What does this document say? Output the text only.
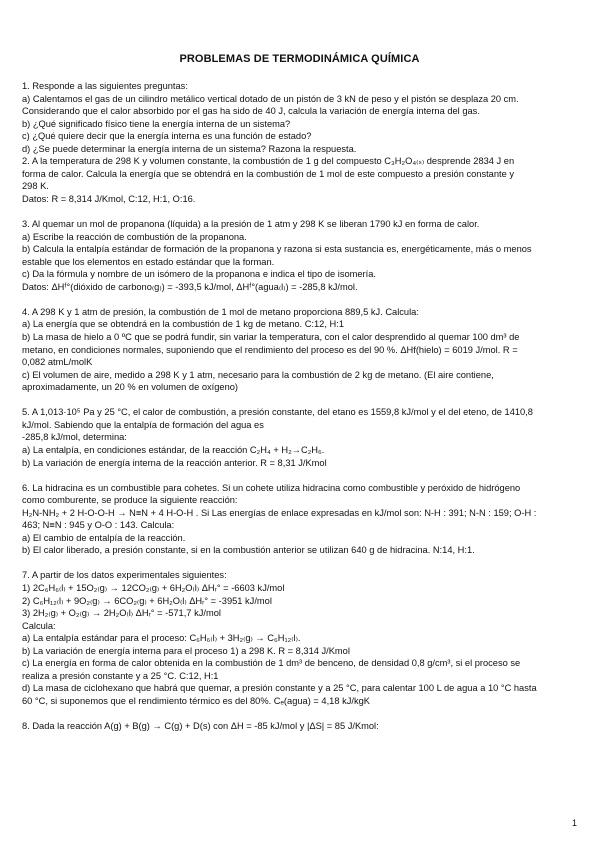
PROBLEMAS DE TERMODINÁMICA QUÍMICA
1. Responde a las siguientes preguntas:
a) Calentamos el gas de un cilindro metálico vertical dotado de un pistón de 3 kN de peso y el pistón se desplaza 20 cm.
Considerando que el calor absorbido por el gas ha sido de 40 J, calcula la variación de energía interna del gas.
b) ¿Qué significado físico tiene la energía interna de un sistema?
c) ¿Qué quiere decir que la energía interna es una función de estado?
d) ¿Se puede determinar la energía interna de un sistema? Razona la respuesta.
2. A la temperatura de 298 K y volumen constante, la combustión de 1 g del compuesto C₃H₂O₄₍ₛ₎ desprende 2834 J en
forma de calor. Calcula la energía que se obtendrá en la combustión de 1 mol de este compuesto a presión constante y
298 K.
Datos: R = 8,314 J/Kmol, C:12, H:1, O:16.
3. Al quemar un mol de propanona (líquida) a la presión de 1 atm y 298 K se liberan 1790 kJ en forma de calor.
a) Escribe la reacción de combustión de la propanona.
b) Calcula la entalpía estándar de formación de la propanona y razona si esta sustancia es, energéticamente, más o menos
estable que los elementos en estado estándar que la forman.
c) Da la fórmula y nombre de un isómero de la propanona e indica el tipo de isomería.
Datos: ΔHᶠ°(dióxido de carbono₍g₎) = -393,5 kJ/mol, ΔHᶠ°(agua₍l₎) = -285,8 kJ/mol.
4. A 298 K y 1 atm de presión, la combustión de 1 mol de metano proporciona 889,5 kJ. Calcula:
a) La energía que se obtendrá en la combustión de 1 kg de metano. C:12, H:1
b) La masa de hielo a 0 ºC que se podrá fundir, sin variar la temperatura, con el calor desprendido al quemar 100 dm³ de
metano, en condiciones normales, suponiendo que el rendimiento del proceso es del 90 %. ΔHf(hielo) = 6019 J/mol. R =
0,082 atmL/molK
c) El volumen de aire, medido a 298 K y 1 atm, necesario para la combustión de 2 kg de metano. (El aire contiene,
aproximadamente, un 20 % en volumen de oxígeno)
5. A 1,013·10⁵ Pa y 25 °C, el calor de combustión, a presión constante, del etano es 1559,8 kJ/mol y el del eteno, de 1410,8
kJ/mol. Sabiendo que la entalpía de formación del agua es
-285,8 kJ/mol, determina:
a) La entalpía, en condiciones estándar, de la reacción C₂H₄ + H₂→C₂H₆.
b) La variación de energía interna de la reacción anterior. R = 8,31 J/Kmol
6. La hidracina es un combustible para cohetes. Si un cohete utiliza hidracina como combustible y peróxido de hidrógeno
como comburente, se produce la siguiente reacción:
H₂N-NH₂ + 2 H-O-O-H → N≡N + 4 H-O-H . Si Las energías de enlace expresadas en kJ/mol son: N-H : 391; N-N : 159; O-H :
463; N≡N : 945 y O-O : 143. Calcula:
a) El cambio de entalpía de la reacción.
b) El calor liberado, a presión constante, si en la combustión anterior se utilizan 640 g de hidracina. N:14, H:1.
7. A partir de los datos experimentales siguientes:
1) 2C₆H₆₍l₎ + 15O₂₍g₎ → 12CO₂₍g₎ + 6H₂O₍l₎ ΔHᵣ° = -6603 kJ/mol
2) C₆H₁₂₍l₎ + 9O₂₍g₎ → 6CO₂₍g₎ + 6H₂O₍l₎ ΔHᵣ° = -3951 kJ/mol
3) 2H₂₍g₎ + O₂₍g₎ → 2H₂O₍l₎ ΔHᵣ° = -571,7 kJ/mol
Calcula:
a) La entalpía estándar para el proceso: C₆H₆₍l₎ + 3H₂₍g₎ → C₆H₁₂₍l₎.
b) La variación de energía interna para el proceso 1) a 298 K. R = 8,314 J/Kmol
c) La energía en forma de calor obtenida en la combustión de 1 dm³ de benceno, de densidad 0,8 g/cm³, si el proceso se
realiza a presión constante y a 25 °C. C:12, H:1
d) La masa de ciclohexano que habrá que quemar, a presión constante y a 25 °C, para calentar 100 L de agua a 10 °C hasta
60 °C, si suponemos que el rendimiento térmico es del 80%. Cₑ(agua) = 4,18 kJ/kgK
8. Dada la reacción A(g) + B(g) → C(g) + D(s) con ΔH = -85 kJ/mol y |ΔS| = 85 J/Kmol:
1
